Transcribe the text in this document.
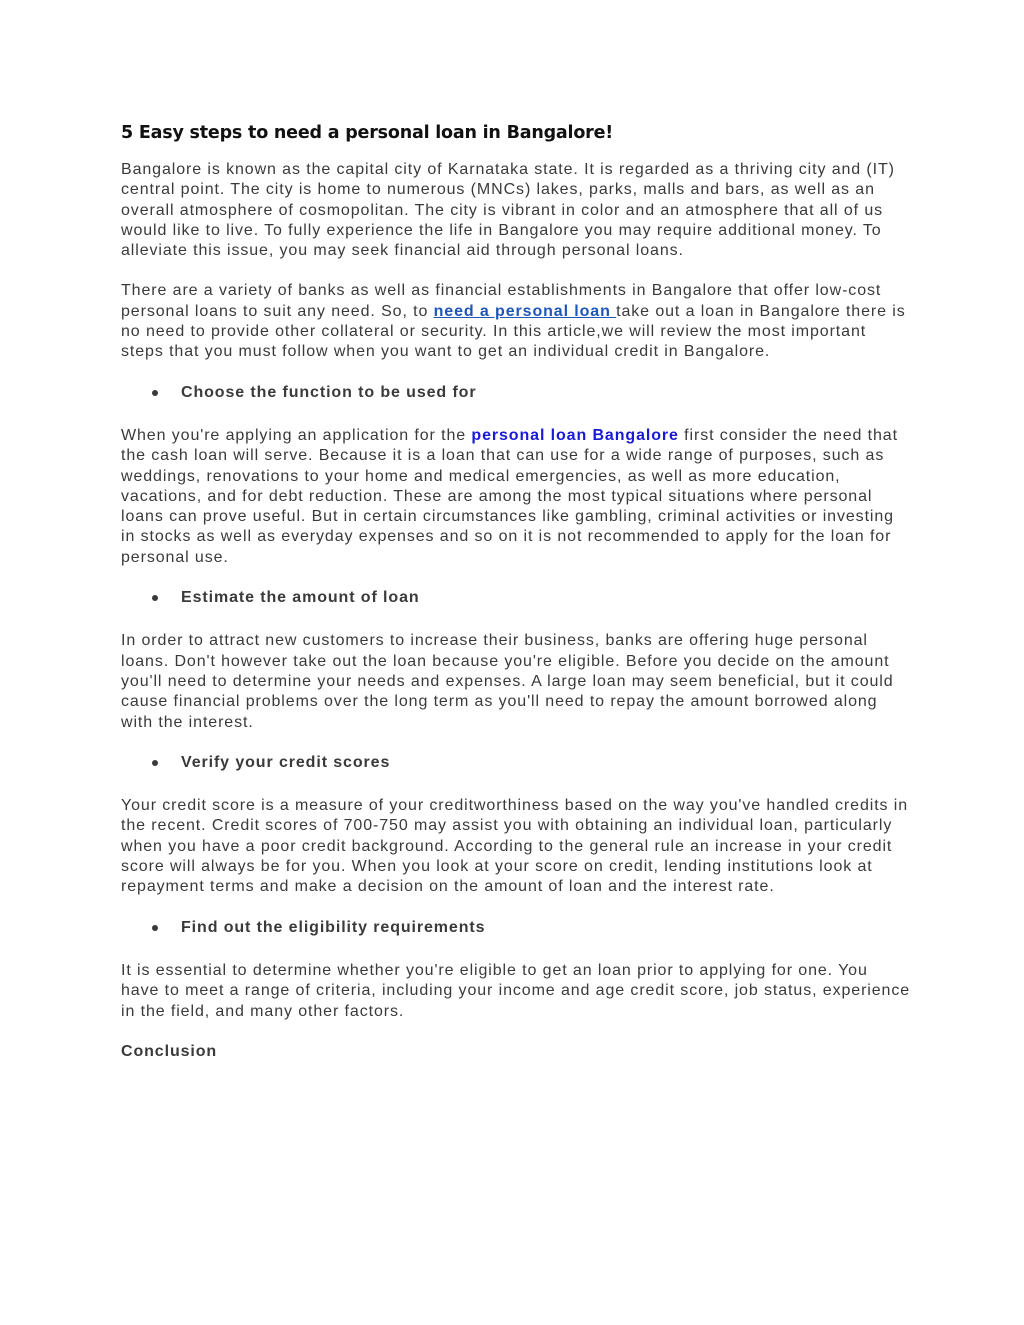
5 Easy steps to need a personal loan in Bangalore!

Bangalore is known as the capital city of Karnataka state. It is regarded as a thriving city and (IT) central point. The city is home to numerous (MNCs) lakes, parks, malls and bars, as well as an overall atmosphere of cosmopolitan. The city is vibrant in color and an atmosphere that all of us would like to live. To fully experience the life in Bangalore you may require additional money. To alleviate this issue, you may seek financial aid through personal loans.

There are a variety of banks as well as financial establishments in Bangalore that offer low-cost personal loans to suit any need. So, to need a personal loan take out a loan in Bangalore there is no need to provide other collateral or security. In this article,we will review the most important steps that you must follow when you want to get an individual credit in Bangalore.

Choose the function to be used for

When you're applying an application for the personal loan Bangalore first consider the need that the cash loan will serve. Because it is a loan that can use for a wide range of purposes, such as weddings, renovations to your home and medical emergencies, as well as more education, vacations, and for debt reduction. These are among the most typical situations where personal loans can prove useful. But in certain circumstances like gambling, criminal activities or investing in stocks as well as everyday expenses and so on it is not recommended to apply for the loan for personal use.

Estimate the amount of loan

In order to attract new customers to increase their business, banks are offering huge personal loans. Don't however take out the loan because you're eligible. Before you decide on the amount you'll need to determine your needs and expenses. A large loan may seem beneficial, but it could cause financial problems over the long term as you'll need to repay the amount borrowed along with the interest.

Verify your credit scores

Your credit score is a measure of your creditworthiness based on the way you've handled credits in the recent. Credit scores of 700-750 may assist you with obtaining an individual loan, particularly when you have a poor credit background. According to the general rule an increase in your credit score will always be for you. When you look at your score on credit, lending institutions look at repayment terms and make a decision on the amount of loan and the interest rate.

Find out the eligibility requirements

It is essential to determine whether you're eligible to get an loan prior to applying for one. You have to meet a range of criteria, including your income and age credit score, job status, experience in the field, and many other factors.

Conclusion
